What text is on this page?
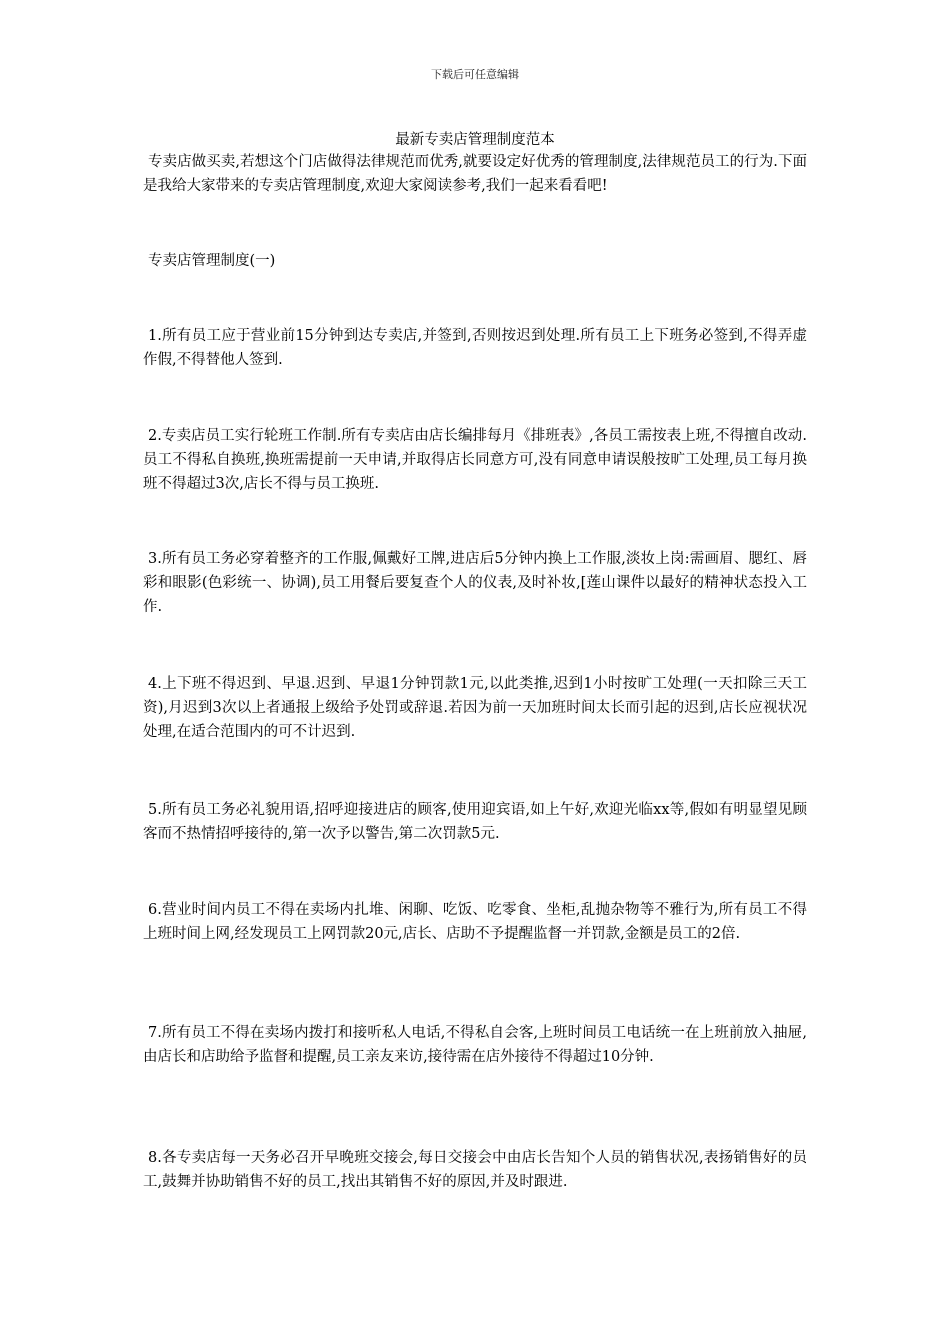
下载后可任意编辑
最新专卖店管理制度范本
专卖店做买卖,若想这个门店做得法律规范而优秀,就要设定好优秀的管理制度,法律规范员工的行为.下面是我给大家带来的专卖店管理制度,欢迎大家阅读参考,我们一起来看看吧!
专卖店管理制度(一)
1.所有员工应于营业前15分钟到达专卖店,并签到,否则按迟到处理.所有员工上下班务必签到,不得弄虚作假,不得替他人签到.
2.专卖店员工实行轮班工作制.所有专卖店由店长编排每月《排班表》,各员工需按表上班,不得擅自改动.员工不得私自换班,换班需提前一天申请,并取得店长同意方可,没有同意申请误般按旷工处理,员工每月换班不得超过3次,店长不得与员工换班.
3.所有员工务必穿着整齐的工作服,佩戴好工牌,进店后5分钟内换上工作服,淡妆上岗:需画眉、腮红、唇彩和眼影(色彩统一、协调),员工用餐后要复查个人的仪表,及时补妆,[莲山课件以最好的精神状态投入工作.
4.上下班不得迟到、早退.迟到、早退1分钟罚款1元,以此类推,迟到1小时按旷工处理(一天扣除三天工资),月迟到3次以上者通报上级给予处罚或辞退.若因为前一天加班时间太长而引起的迟到,店长应视状况处理,在适合范围内的可不计迟到.
5.所有员工务必礼貌用语,招呼迎接进店的顾客,使用迎宾语,如上午好,欢迎光临xx等,假如有明显望见顾客而不热情招呼接待的,第一次予以警告,第二次罚款5元.
6.营业时间内员工不得在卖场内扎堆、闲聊、吃饭、吃零食、坐柜,乱抛杂物等不雅行为,所有员工不得上班时间上网,经发现员工上网罚款20元,店长、店助不予提醒监督一并罚款,金额是员工的2倍.
7.所有员工不得在卖场内拨打和接听私人电话,不得私自会客,上班时间员工电话统一在上班前放入抽屉,由店长和店助给予监督和提醒,员工亲友来访,接待需在店外接待不得超过10分钟.
8.各专卖店每一天务必召开早晚班交接会,每日交接会中由店长告知个人员的销售状况,表扬销售好的员工,鼓舞并协助销售不好的员工,找出其销售不好的原因,并及时跟进.
